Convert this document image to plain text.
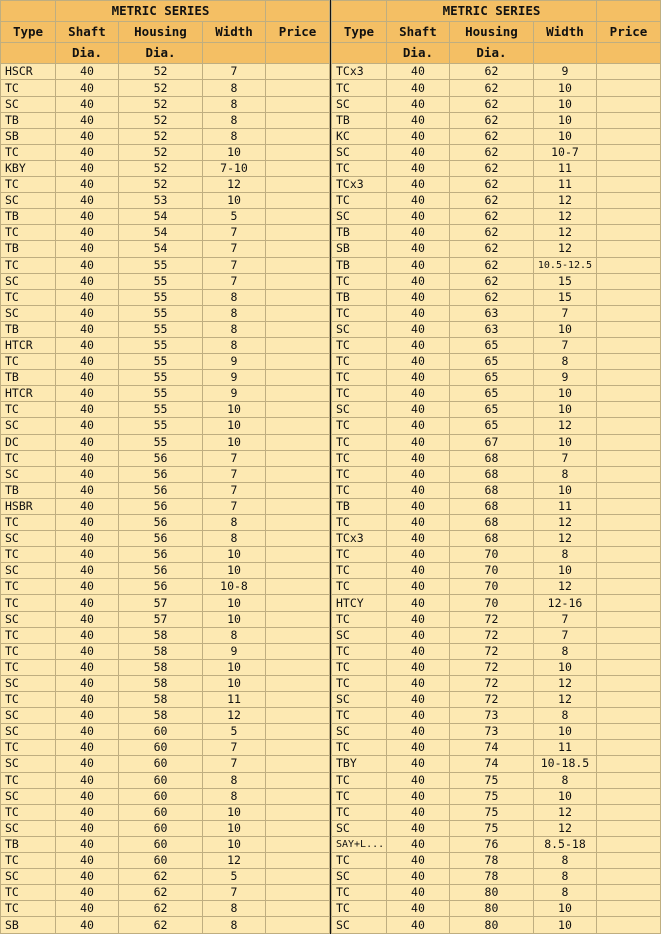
	METRIC SERIES			
Type	Shaft	Housing	Width	Price
	Dia.	Dia.		
HSCR	40	52	7	
TC	40	52	8	
SC	40	52	8	
TB	40	52	8	
SB	40	52	8	
TC	40	52	10	
KBY	40	52	7-10	
TC	40	52	12	
SC	40	53	10	
TB	40	54	5	
TC	40	54	7	
TB	40	54	7	
TC	40	55	7	
SC	40	55	7	
TC	40	55	8	
SC	40	55	8	
TB	40	55	8	
HTCR	40	55	8	
TC	40	55	9	
TB	40	55	9	
HTCR	40	55	9	
TC	40	55	10	
SC	40	55	10	
DC	40	55	10	
TC	40	56	7	
SC	40	56	7	
TB	40	56	7	
HSBR	40	56	7	
TC	40	56	8	
SC	40	56	8	
TC	40	56	10	
SC	40	56	10	
TC	40	56	10-8	
TC	40	57	10	
SC	40	57	10	
TC	40	58	8	
TC	40	58	9	
TC	40	58	10	
SC	40	58	10	
TC	40	58	11	
SC	40	58	12	
SC	40	60	5	
TC	40	60	7	
SC	40	60	7	
TC	40	60	8	
SC	40	60	8	
TC	40	60	10	
SC	40	60	10	
TB	40	60	10	
TC	40	60	12	
SC	40	62	5	
TC	40	62	7	
TC	40	62	8	
SB	40	62	8	
	METRIC SERIES			
Type	Shaft	Housing	Width	Price
	Dia.	Dia.		
TCx3	40	62	9	
TC	40	62	10	
SC	40	62	10	
TB	40	62	10	
KC	40	62	10	
SC	40	62	10-7	
TC	40	62	11	
TCx3	40	62	11	
TC	40	62	12	
SC	40	62	12	
TB	40	62	12	
SB	40	62	12	
TB	40	62	10.5-12.5	
TC	40	62	15	
TB	40	62	15	
TC	40	63	7	
SC	40	63	10	
TC	40	65	7	
TC	40	65	8	
TC	40	65	9	
TC	40	65	10	
SC	40	65	10	
TC	40	65	12	
TC	40	67	10	
TC	40	68	7	
TC	40	68	8	
TC	40	68	10	
TB	40	68	11	
TC	40	68	12	
TCx3	40	68	12	
TC	40	70	8	
TC	40	70	10	
TC	40	70	12	
HTCY	40	70	12-16	
TC	40	72	7	
SC	40	72	7	
TC	40	72	8	
TC	40	72	10	
TC	40	72	12	
SC	40	72	12	
TC	40	73	8	
SC	40	73	10	
TC	40	74	11	
TBY	40	74	10-18.5	
TC	40	75	8	
TC	40	75	10	
TC	40	75	12	
SC	40	75	12	
SAY+L...	40	76	8.5-18	
TC	40	78	8	
SC	40	78	8	
TC	40	80	8	
TC	40	80	10	
SC	40	80	10	
